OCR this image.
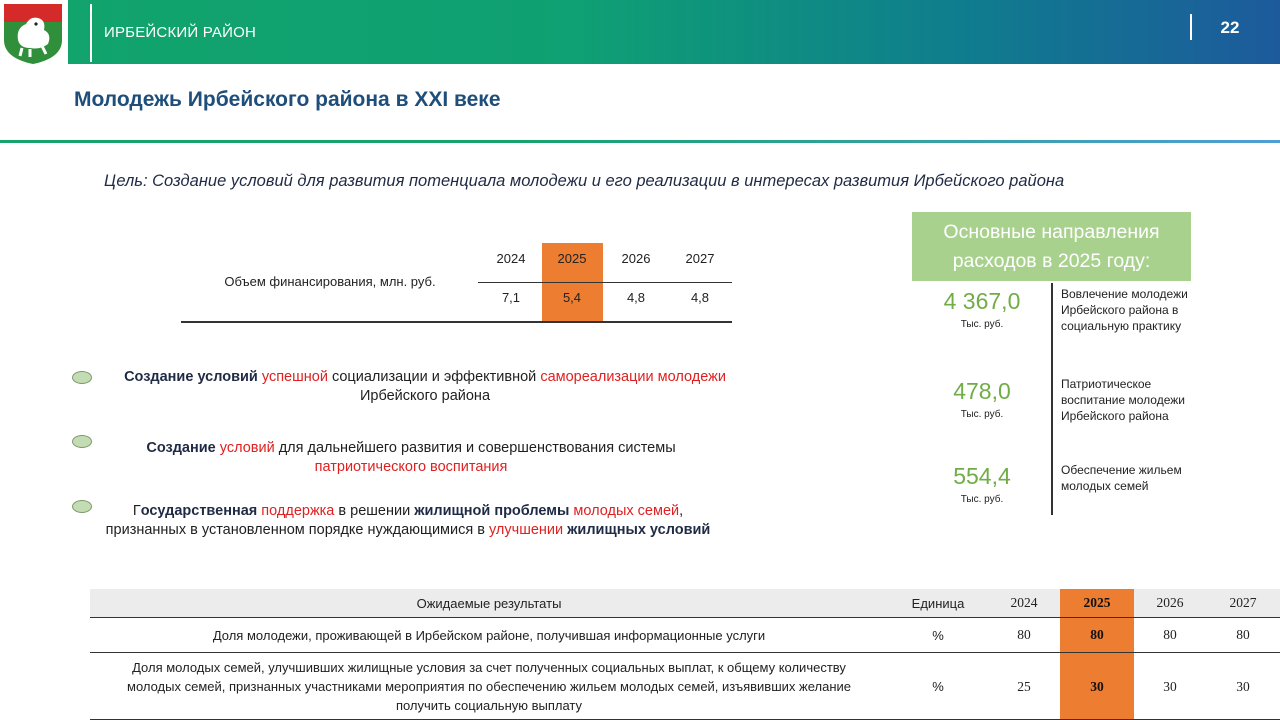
ИРБЕЙСКИЙ РАЙОН	22
Молодежь Ирбейского района в XXI веке
Цель: Создание условий для развития потенциала молодежи и его реализации в интересах развития Ирбейского района
Объем финансирования, млн. руб.
2024	2025	2026	2027
7,1	5,4	4,8	4,8
Создание условий успешной социализации и эффективной самореализации молодежи Ирбейского района
Создание условий для дальнейшего развития и совершенствования системы патриотического воспитания
Государственная поддержка в решении жилищной проблемы молодых семей, признанных в установленном порядке нуждающимися в улучшении жилищных условий
Основные направления расходов в 2025 году:
4 367,0
Тыс. руб.
Вовлечение молодежи Ирбейского района в социальную практику
478,0
Тыс. руб.
Патриотическое воспитание молодежи Ирбейского района
554,4
Тыс. руб.
Обеспечение жильем молодых семей
Ожидаемые результаты	Единица	2024	2025	2026	2027
Доля молодежи, проживающей в Ирбейском районе, получившая информационные услуги	%	80	80	80	80
Доля молодых семей, улучшивших жилищные условия за счет полученных социальных выплат, к общему количеству молодых семей, признанных участниками мероприятия по обеспечению жильем молодых семей, изъявивших желание получить социальную выплату	%	25	30	30	30
